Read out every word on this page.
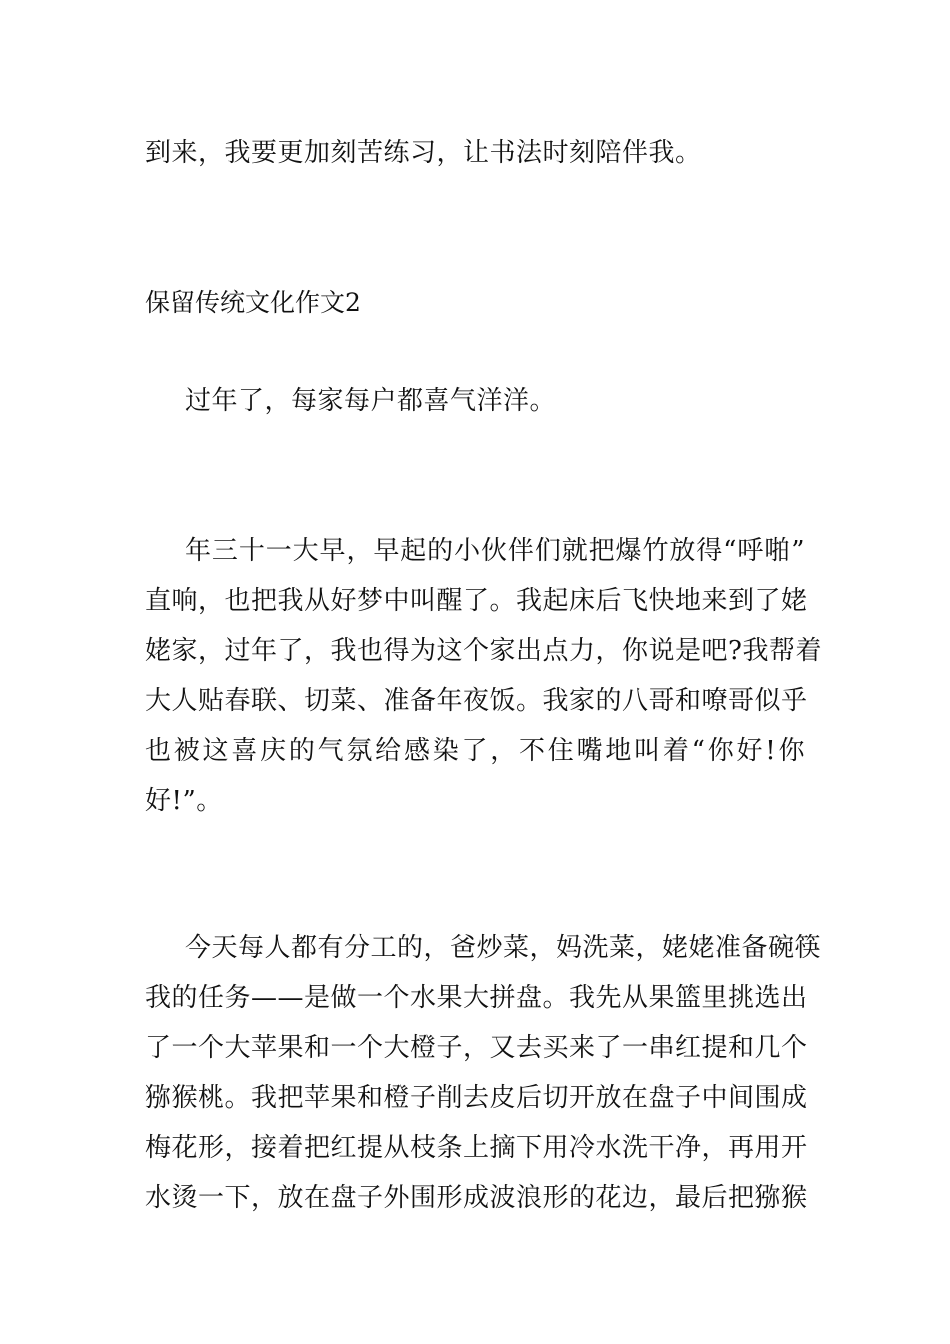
到来，我要更加刻苦练习，让书法时刻陪伴我。
保留传统文化作文2
过年了，每家每户都喜气洋洋。
年三十一大早，早起的小伙伴们就把爆竹放得“呼啪”
直响，也把我从好梦中叫醒了。我起床后飞快地来到了姥
姥家，过年了，我也得为这个家出点力，你说是吧?我帮着
大人贴春联、切菜、准备年夜饭。我家的八哥和嘹哥似乎
也被这喜庆的气氛给感染了，不住嘴地叫着“你好!你
好!”。
今天每人都有分工的，爸炒菜，妈洗菜，姥姥准备碗筷
我的任务——是做一个水果大拼盘。我先从果篮里挑选出
了一个大苹果和一个大橙子，又去买来了一串红提和几个
猕猴桃。我把苹果和橙子削去皮后切开放在盘子中间围成
梅花形，接着把红提从枝条上摘下用冷水洗干净，再用开
水烫一下，放在盘子外围形成波浪形的花边，最后把猕猴
